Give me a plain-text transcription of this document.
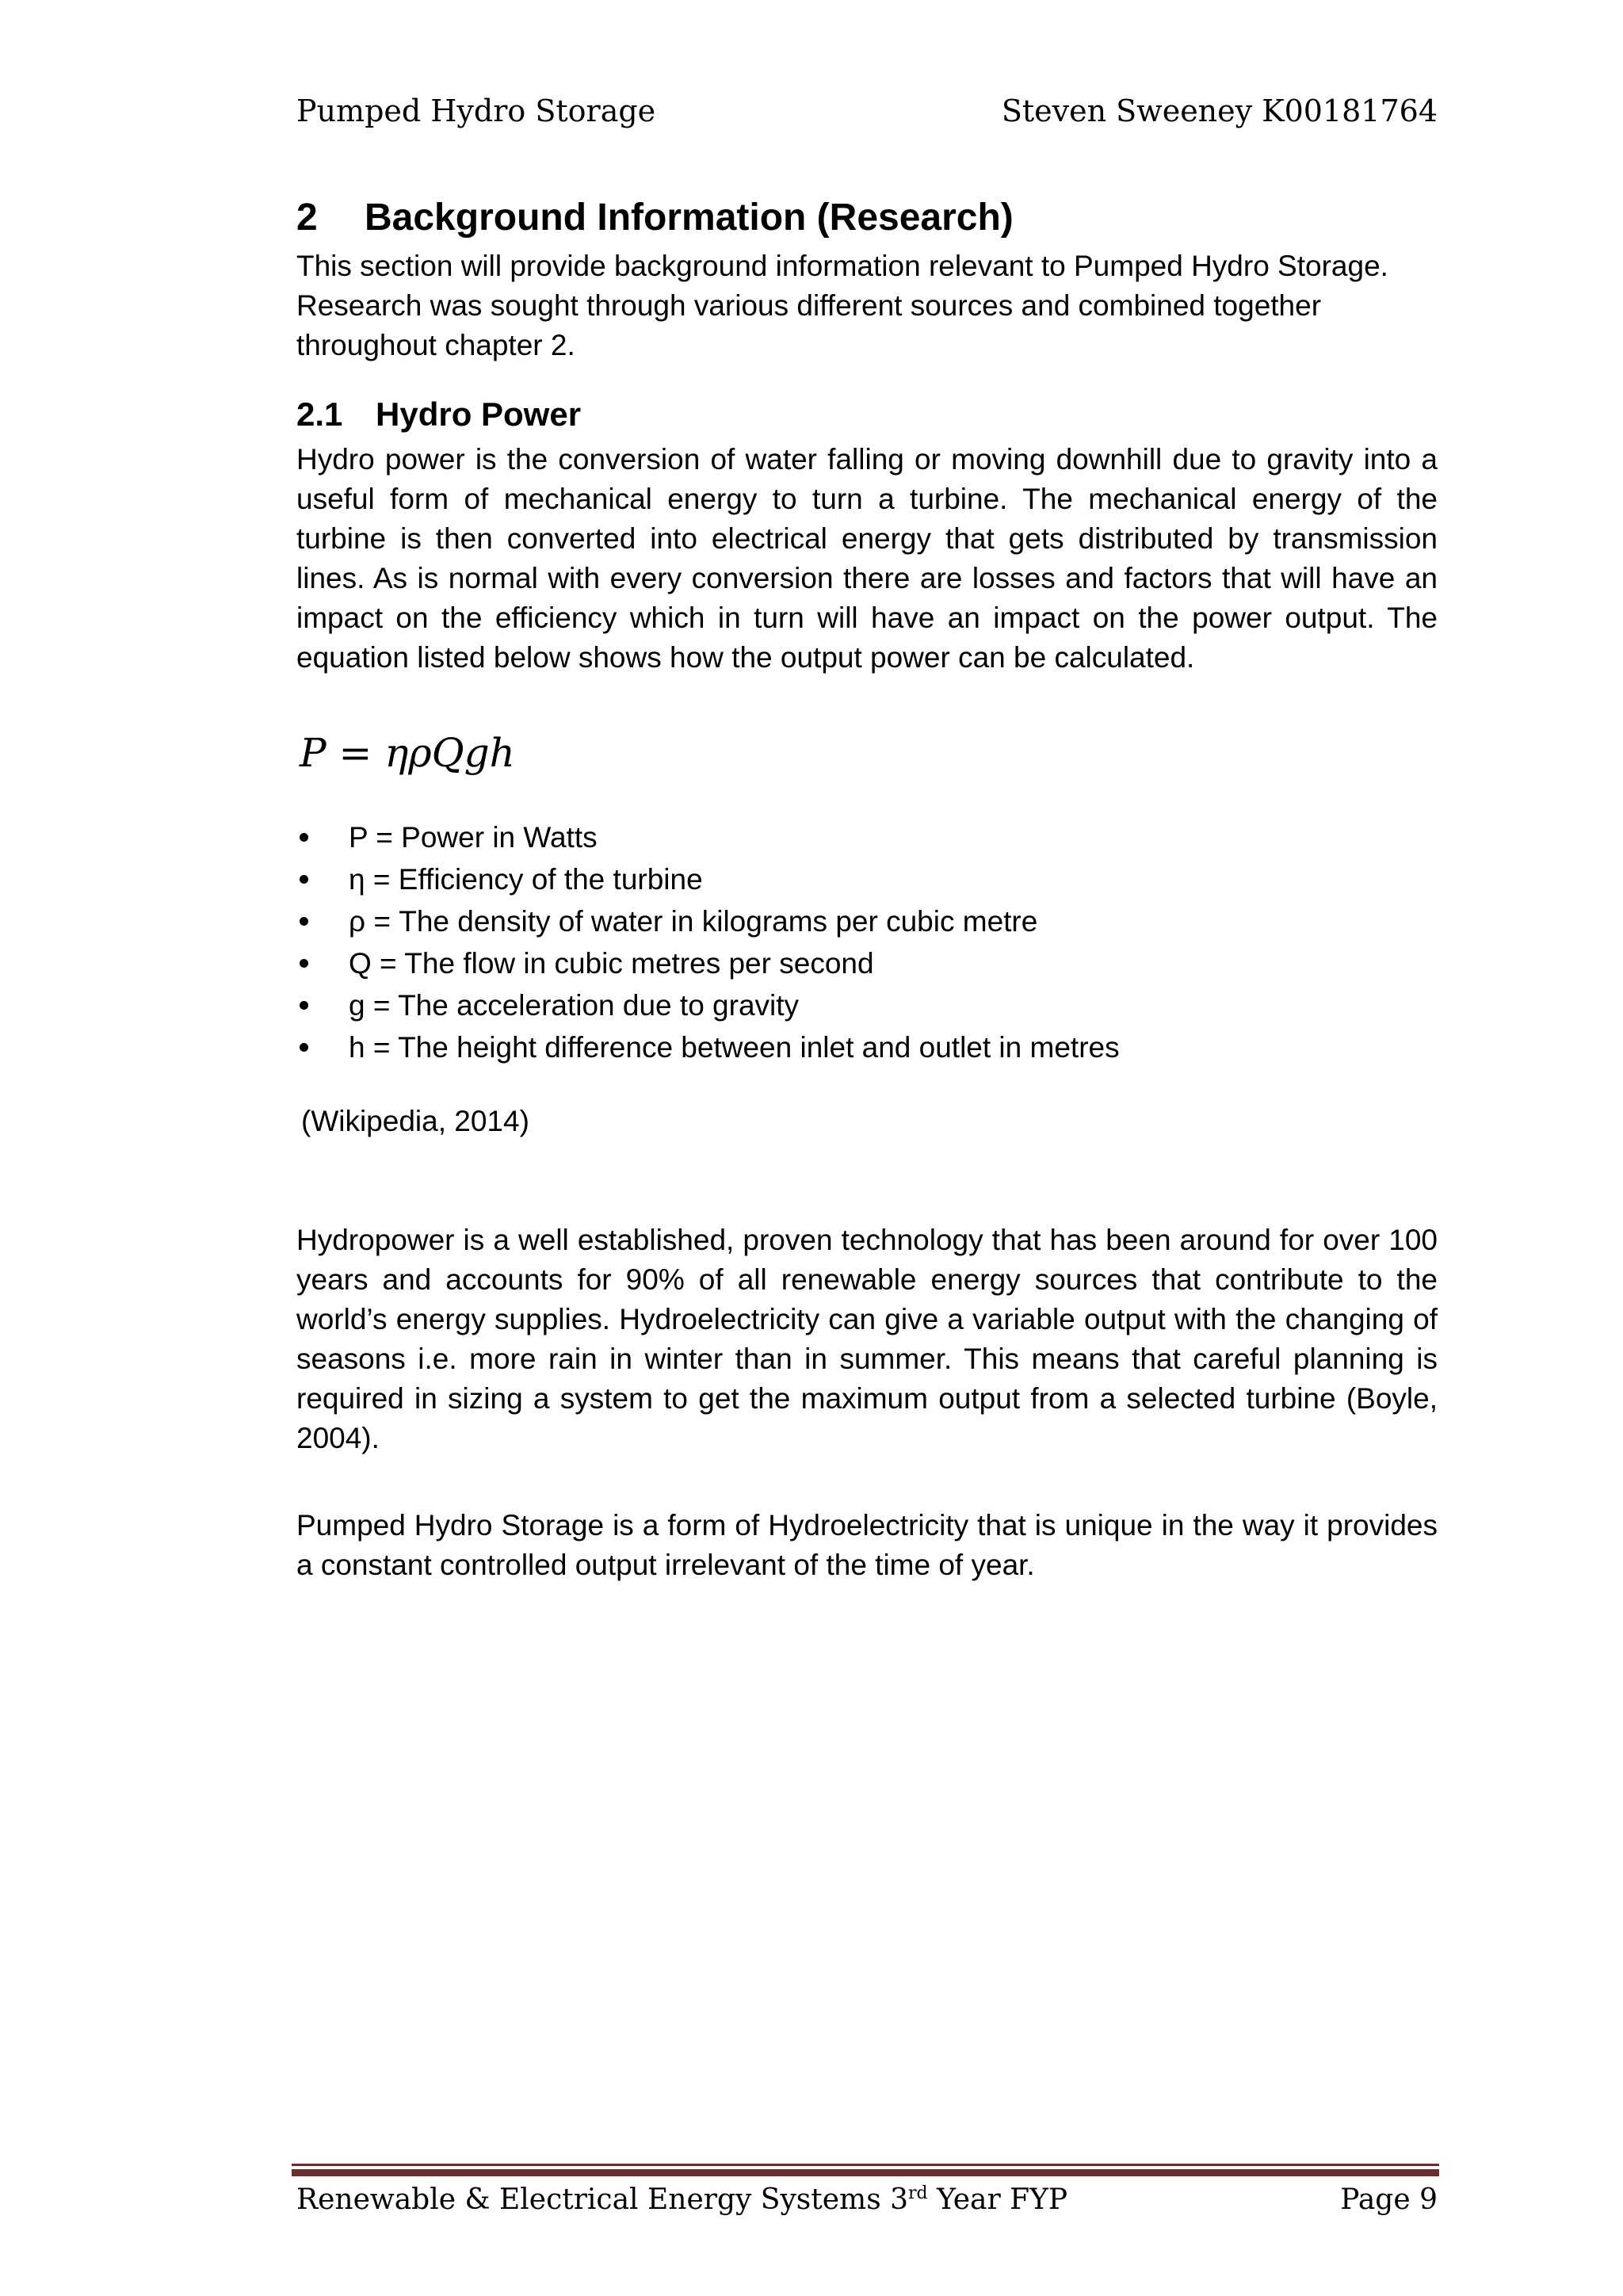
Pumped Hydro Storage	Steven Sweeney K00181764
2 Background Information (Research)
This section will provide background information relevant to Pumped Hydro Storage.
Research was sought through various different sources and combined together
throughout chapter 2.
2.1 Hydro Power

Hydro power is the conversion of water falling or moving downhill due to gravity into a useful form of mechanical energy to turn a turbine. The mechanical energy of the turbine is then converted into electrical energy that gets distributed by transmission lines. As is normal with every conversion there are losses and factors that will have an impact on the efficiency which in turn will have an impact on the power output. The equation listed below shows how the output power can be calculated.

P = ηρQgh
P = Power in Watts
η = Efficiency of the turbine
ρ = The density of water in kilograms per cubic metre
Q = The flow in cubic metres per second
g = The acceleration due to gravity
h = The height difference between inlet and outlet in metres
(Wikipedia, 2014)

Hydropower is a well established, proven technology that has been around for over 100 years and accounts for 90% of all renewable energy sources that contribute to the world’s energy supplies. Hydroelectricity can give a variable output with the changing of seasons i.e. more rain in winter than in summer. This means that careful planning is required in sizing a system to get the maximum output from a selected turbine (Boyle, 2004).

Pumped Hydro Storage is a form of Hydroelectricity that is unique in the way it provides a constant controlled output irrelevant of the time of year.

Renewable & Electrical Energy Systems 3rd Year FYP	Page 9
